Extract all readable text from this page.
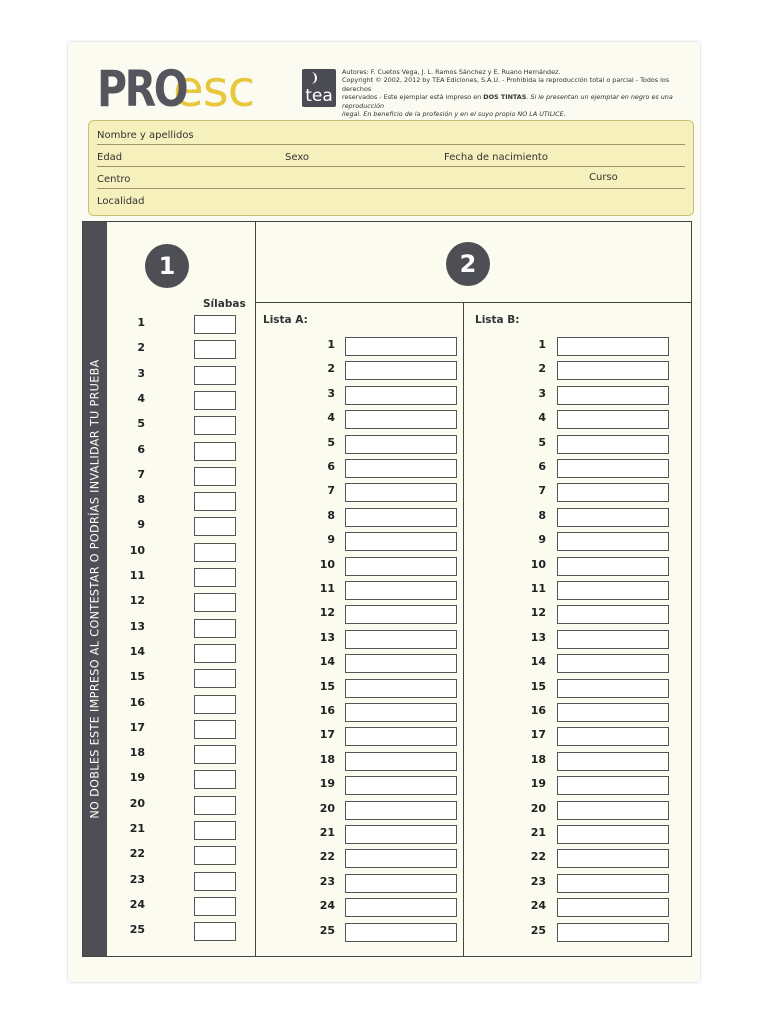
PRO
esc	tea

Autores: F. Cuetos Vega, J. L. Ramos Sánchez y E. Ruano Hernández.

Copyright © 2002, 2012 by TEA Ediciones, S.A.U. - Prohibida la reproducción total o parcial - Todos los derechos

reservados - Este ejemplar está impreso en DOS TINTAS. Si le presentan un ejemplar en negro es una reproducción

ilegal. En beneficio de la profesión y en el suyo propio NO LA UTILICE.

Nombre y apellidos
Edad	Sexo	Fecha de nacimiento
Centro	Curso
Localidad
NO DOBLES ESTE IMPRESO AL CONTESTAR O PODRÍAS INVALIDAR TU PRUEBA
1
Sílabas
1
2
3
4
5
6
7
8
9
10
11
12
13
14
15
16
17
18
19
20
21
22
23
24
25
2
Lista A:
1
2
3
4
5
6
7
8
9
10
11
12
13
14
15
16
17
18
19
20
21
22
23
24
25
Lista B:
1
2
3
4
5
6
7
8
9
10
11
12
13
14
15
16
17
18
19
20
21
22
23
24
25
